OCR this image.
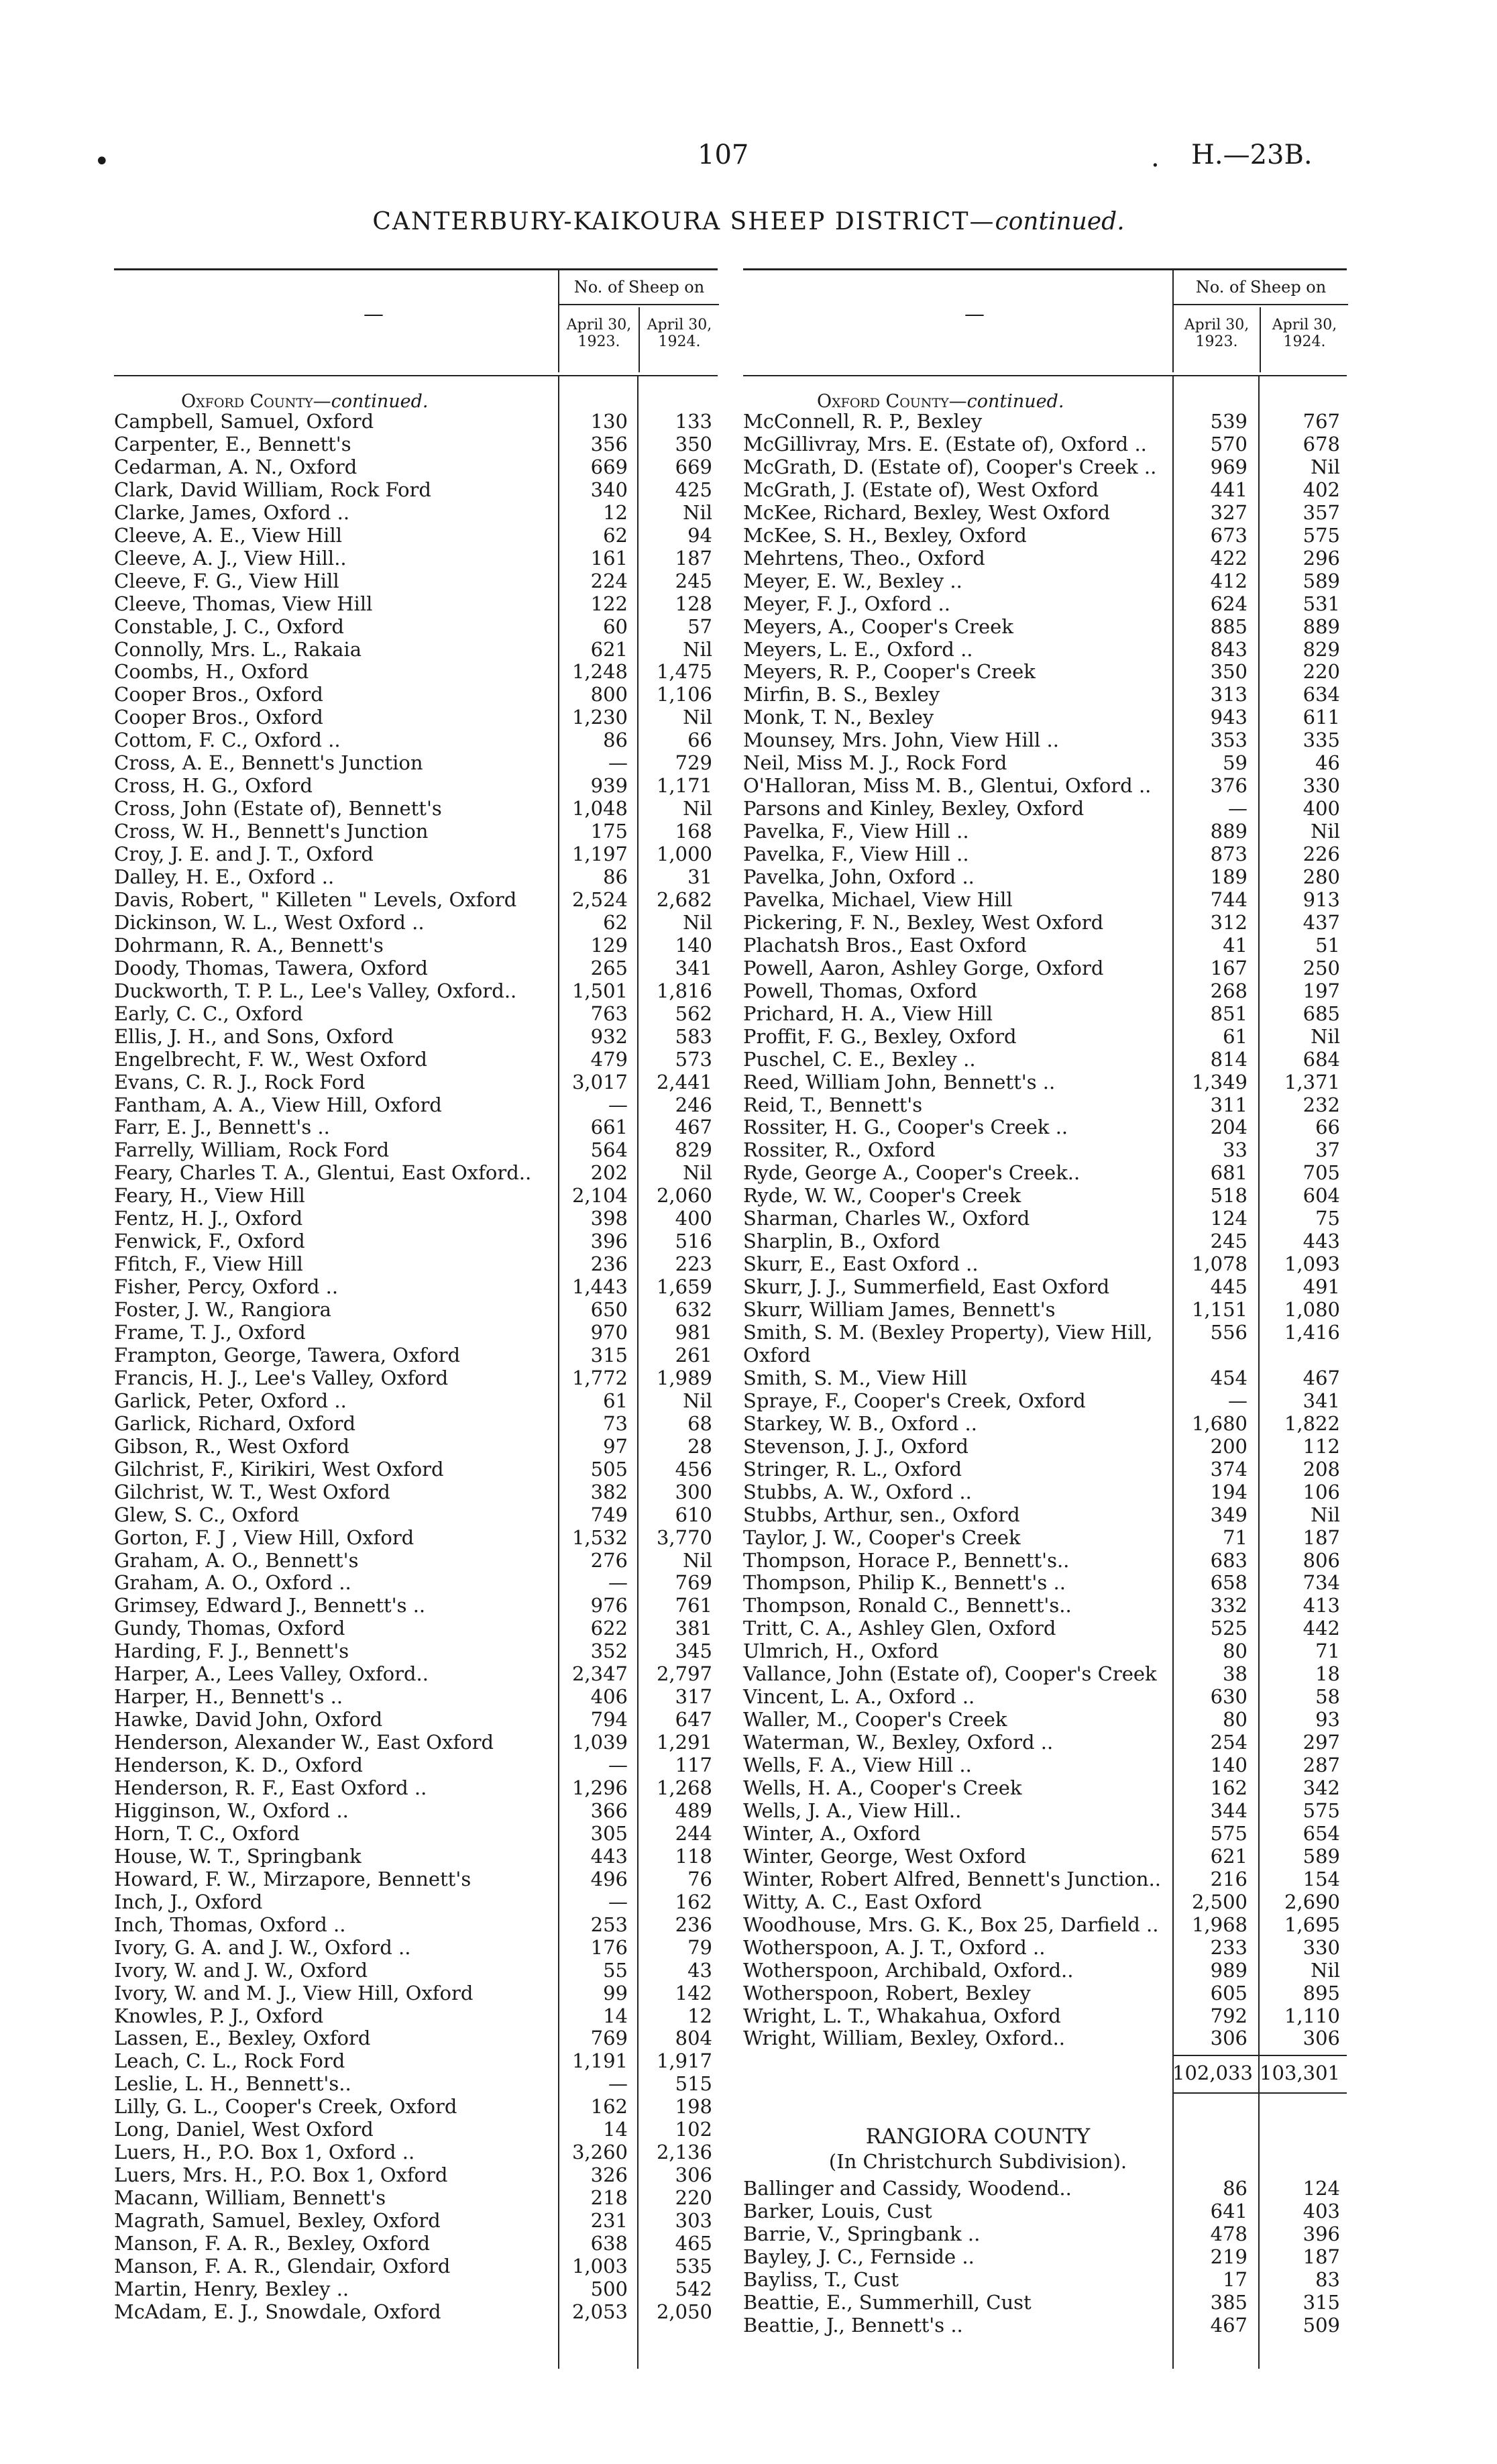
•	107	. H.—23B.
CANTERBURY-KAIKOURA SHEEP DISTRICT—continued.
—
No. of Sheep on
April 30,
1923.
April 30,
1924.
Oxford County—continued.
Campbell, Samuel, Oxford	130	133
Carpenter, E., Bennett's	356	350
Cedarman, A. N., Oxford	669	669
Clark, David William, Rock Ford	340	425
Clarke, James, Oxford ..	12	Nil
Cleeve, A. E., View Hill	62	94
Cleeve, A. J., View Hill..	161	187
Cleeve, F. G., View Hill	224	245
Cleeve, Thomas, View Hill	122	128
Constable, J. C., Oxford	60	57
Connolly, Mrs. L., Rakaia	621	Nil
Coombs, H., Oxford	1,248	1,475
Cooper Bros., Oxford	800	1,106
Cooper Bros., Oxford	1,230	Nil
Cottom, F. C., Oxford ..	86	66
Cross, A. E., Bennett's Junction	—	729
Cross, H. G., Oxford	939	1,171
Cross, John (Estate of), Bennett's	1,048	Nil
Cross, W. H., Bennett's Junction	175	168
Croy, J. E. and J. T., Oxford	1,197	1,000
Dalley, H. E., Oxford ..	86	31
Davis, Robert, " Killeten " Levels, Oxford	2,524	2,682
Dickinson, W. L., West Oxford ..	62	Nil
Dohrmann, R. A., Bennett's	129	140
Doody, Thomas, Tawera, Oxford	265	341
Duckworth, T. P. L., Lee's Valley, Oxford..	1,501	1,816
Early, C. C., Oxford	763	562
Ellis, J. H., and Sons, Oxford	932	583
Engelbrecht, F. W., West Oxford	479	573
Evans, C. R. J., Rock Ford	3,017	2,441
Fantham, A. A., View Hill, Oxford	—	246
Farr, E. J., Bennett's ..	661	467
Farrelly, William, Rock Ford	564	829
Feary, Charles T. A., Glentui, East Oxford..	202	Nil
Feary, H., View Hill	2,104	2,060
Fentz, H. J., Oxford	398	400
Fenwick, F., Oxford	396	516
Ffitch, F., View Hill	236	223
Fisher, Percy, Oxford ..	1,443	1,659
Foster, J. W., Rangiora	650	632
Frame, T. J., Oxford	970	981
Frampton, George, Tawera, Oxford	315	261
Francis, H. J., Lee's Valley, Oxford	1,772	1,989
Garlick, Peter, Oxford ..	61	Nil
Garlick, Richard, Oxford	73	68
Gibson, R., West Oxford	97	28
Gilchrist, F., Kirikiri, West Oxford	505	456
Gilchrist, W. T., West Oxford	382	300
Glew, S. C., Oxford	749	610
Gorton, F. J , View Hill, Oxford	1,532	3,770
Graham, A. O., Bennett's	276	Nil
Graham, A. O., Oxford ..	—	769
Grimsey, Edward J., Bennett's ..	976	761
Gundy, Thomas, Oxford	622	381
Harding, F. J., Bennett's	352	345
Harper, A., Lees Valley, Oxford..	2,347	2,797
Harper, H., Bennett's ..	406	317
Hawke, David John, Oxford	794	647
Henderson, Alexander W., East Oxford	1,039	1,291
Henderson, K. D., Oxford	—	117
Henderson, R. F., East Oxford ..	1,296	1,268
Higginson, W., Oxford ..	366	489
Horn, T. C., Oxford	305	244
House, W. T., Springbank	443	118
Howard, F. W., Mirzapore, Bennett's	496	76
Inch, J., Oxford	—	162
Inch, Thomas, Oxford ..	253	236
Ivory, G. A. and J. W., Oxford ..	176	79
Ivory, W. and J. W., Oxford	55	43
Ivory, W. and M. J., View Hill, Oxford	99	142
Knowles, P. J., Oxford	14	12
Lassen, E., Bexley, Oxford	769	804
Leach, C. L., Rock Ford	1,191	1,917
Leslie, L. H., Bennett's..	—	515
Lilly, G. L., Cooper's Creek, Oxford	162	198
Long, Daniel, West Oxford	14	102
Luers, H., P.O. Box 1, Oxford ..	3,260	2,136
Luers, Mrs. H., P.O. Box 1, Oxford	326	306
Macann, William, Bennett's	218	220
Magrath, Samuel, Bexley, Oxford	231	303
Manson, F. A. R., Bexley, Oxford	638	465
Manson, F. A. R., Glendair, Oxford	1,003	535
Martin, Henry, Bexley ..	500	542
McAdam, E. J., Snowdale, Oxford	2,053	2,050
—
No. of Sheep on
April 30,
1923.
April 30,
1924.
Oxford County—continued.
McConnell, R. P., Bexley	539	767
McGillivray, Mrs. E. (Estate of), Oxford ..	570	678
McGrath, D. (Estate of), Cooper's Creek ..	969	Nil
McGrath, J. (Estate of), West Oxford	441	402
McKee, Richard, Bexley, West Oxford	327	357
McKee, S. H., Bexley, Oxford	673	575
Mehrtens, Theo., Oxford	422	296
Meyer, E. W., Bexley ..	412	589
Meyer, F. J., Oxford ..	624	531
Meyers, A., Cooper's Creek	885	889
Meyers, L. E., Oxford ..	843	829
Meyers, R. P., Cooper's Creek	350	220
Mirfin, B. S., Bexley	313	634
Monk, T. N., Bexley	943	611
Mounsey, Mrs. John, View Hill ..	353	335
Neil, Miss M. J., Rock Ford	59	46
O'Halloran, Miss M. B., Glentui, Oxford ..	376	330
Parsons and Kinley, Bexley, Oxford	—	400
Pavelka, F., View Hill ..	889	Nil
Pavelka, F., View Hill ..	873	226
Pavelka, John, Oxford ..	189	280
Pavelka, Michael, View Hill	744	913
Pickering, F. N., Bexley, West Oxford	312	437
Plachatsh Bros., East Oxford	41	51
Powell, Aaron, Ashley Gorge, Oxford	167	250
Powell, Thomas, Oxford	268	197
Prichard, H. A., View Hill	851	685
Proffit, F. G., Bexley, Oxford	61	Nil
Puschel, C. E., Bexley ..	814	684
Reed, William John, Bennett's ..	1,349	1,371
Reid, T., Bennett's	311	232
Rossiter, H. G., Cooper's Creek ..	204	66
Rossiter, R., Oxford	33	37
Ryde, George A., Cooper's Creek..	681	705
Ryde, W. W., Cooper's Creek	518	604
Sharman, Charles W., Oxford	124	75
Sharplin, B., Oxford	245	443
Skurr, E., East Oxford ..	1,078	1,093
Skurr, J. J., Summerfield, East Oxford	445	491
Skurr, William James, Bennett's	1,151	1,080
Smith, S. M. (Bexley Property), View Hill,	556	1,416
Oxford
Smith, S. M., View Hill	454	467
Spraye, F., Cooper's Creek, Oxford	—	341
Starkey, W. B., Oxford ..	1,680	1,822
Stevenson, J. J., Oxford	200	112
Stringer, R. L., Oxford	374	208
Stubbs, A. W., Oxford ..	194	106
Stubbs, Arthur, sen., Oxford	349	Nil
Taylor, J. W., Cooper's Creek	71	187
Thompson, Horace P., Bennett's..	683	806
Thompson, Philip K., Bennett's ..	658	734
Thompson, Ronald C., Bennett's..	332	413
Tritt, C. A., Ashley Glen, Oxford	525	442
Ulmrich, H., Oxford	80	71
Vallance, John (Estate of), Cooper's Creek	38	18
Vincent, L. A., Oxford ..	630	58
Waller, M., Cooper's Creek	80	93
Waterman, W., Bexley, Oxford ..	254	297
Wells, F. A., View Hill ..	140	287
Wells, H. A., Cooper's Creek	162	342
Wells, J. A., View Hill..	344	575
Winter, A., Oxford	575	654
Winter, George, West Oxford	621	589
Winter, Robert Alfred, Bennett's Junction..	216	154
Witty, A. C., East Oxford	2,500	2,690
Woodhouse, Mrs. G. K., Box 25, Darfield ..	1,968	1,695
Wotherspoon, A. J. T., Oxford ..	233	330
Wotherspoon, Archibald, Oxford..	989	Nil
Wotherspoon, Robert, Bexley	605	895
Wright, L. T., Whakahua, Oxford	792	1,110
Wright, William, Bexley, Oxford..	306	306
102,033 103,301
RANGIORA COUNTY
(In Christchurch Subdivision).
Ballinger and Cassidy, Woodend..	86	124
Barker, Louis, Cust	641	403
Barrie, V., Springbank ..	478	396
Bayley, J. C., Fernside ..	219	187
Bayliss, T., Cust	17	83
Beattie, E., Summerhill, Cust	385	315
Beattie, J., Bennett's ..	467	509
